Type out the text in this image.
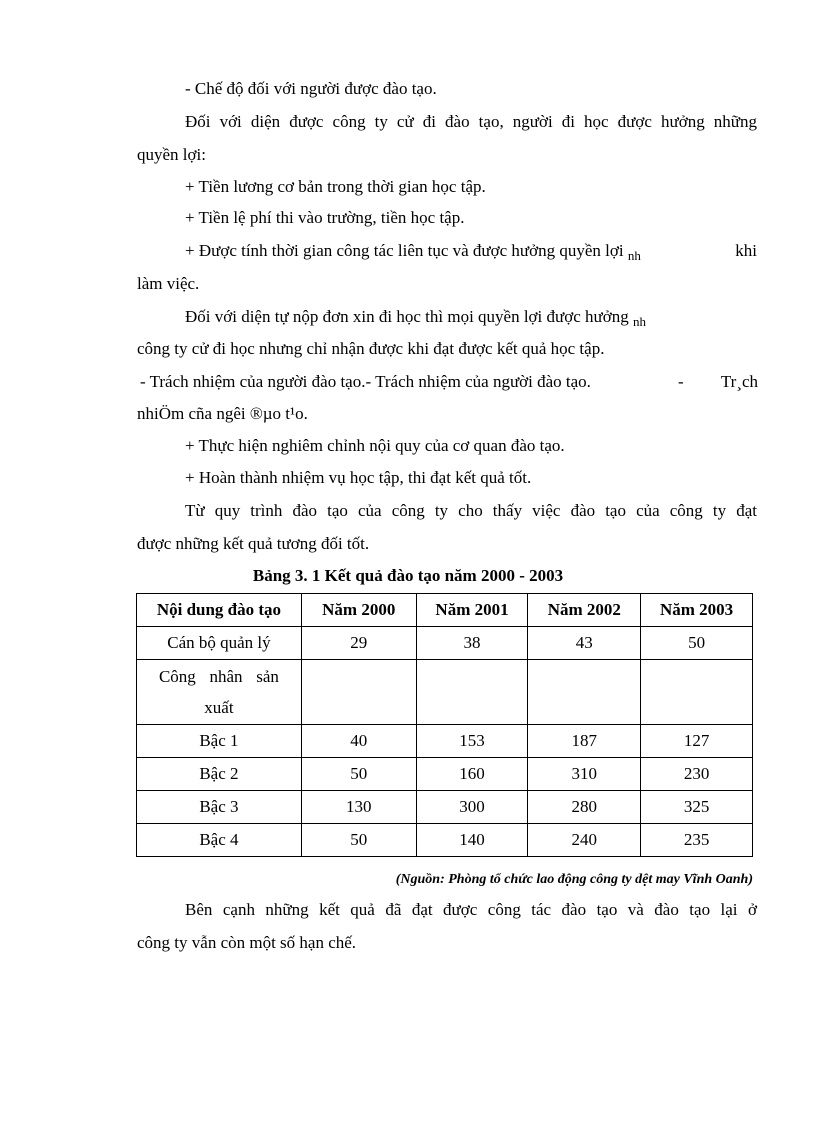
- Chế độ đối với người được đào tạo.
Đối với diện được công ty cử đi đào tạo, người đi học được hưởng những
quyền lợi:
+ Tiền lương cơ bản trong thời gian học tập.
+ Tiền lệ phí thi vào trường, tiền học tập.
+ Được tính thời gian công tác liên tục và được hưởng quyền lợi $_{nh}$	khi
làm việc.
Đối với diện tự nộp đơn xin đi học thì mọi quyền lợi được hưởng $_{nh}$
công ty cử đi học nhưng chỉ nhận được khi đạt được kết quả học tập.
- Trách nhiệm của người đào tạo.- Trách nhiệm của người đào tạo.	- Tr¸ch
nhiÖm cña ngêi ®µo t¹o.
+ Thực hiện nghiêm chỉnh nội quy của cơ quan đào tạo.
+ Hoàn thành nhiệm vụ học tập, thi đạt kết quả tốt.
Từ quy trình đào tạo của công ty cho thấy việc đào tạo của công ty đạt
được những kết quả tương đối tốt.
Bảng 3. 1 Kết quả đào tạo năm 2000 - 2003
Nội dung đào tạo	Năm 2000	Năm 2001	Năm 2002	Năm 2003
Cán bộ quản lý	29	38	43	50
Công nhân sản xuất				
Bậc 1	40	153	187	127
Bậc 2	50	160	310	230
Bậc 3	130	300	280	325
Bậc 4	50	140	240	235
(Nguồn: Phòng tổ chức lao động công ty dệt may Vĩnh Oanh)
Bên cạnh những kết quả đã đạt được công tác đào tạo và đào tạo lại ở
công ty vẫn còn một số hạn chế.
